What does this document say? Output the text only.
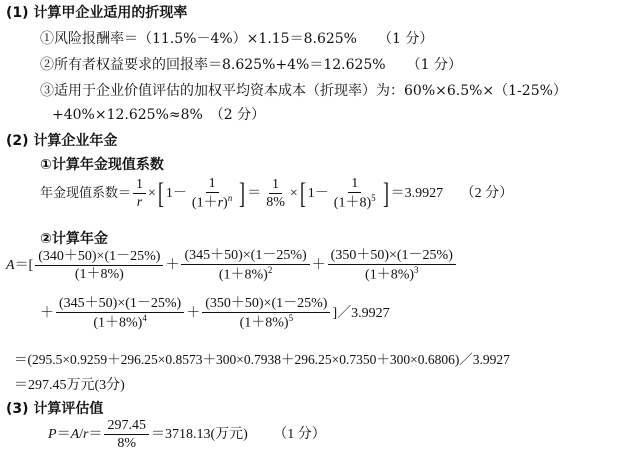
(1) 计算甲企业适用的折现率
①风险报酬率＝（11.5%－4%）×1.15＝8.625%　　（1 分）
②所有者权益要求的回报率＝8.625%+4%＝12.625%　　（1 分）
③适用于企业价值评估的加权平均资本成本（折现率）为：60%×6.5%×（1-25%）
+40%×12.625%≈8%　（2 分）
(2) 计算企业年金
①计算年金现值系数
年金现值系数＝ $\frac{1}{r}$ ×[ $1- \frac{1}{(1+r)^n}$ ] ＝ $\frac{1}{8\%}$ ×[ $1- \frac{1}{(1+8)^5}$ ] ＝3.9927 （2 分）
②计算年金
$A=[ \frac{(340+50)\times(1-25\%)}{(1+8\%)} + \frac{(345+50)\times(1-25\%)}{(1+8\%)^2} + \frac{(350+50)\times(1-25\%)}{(1+8\%)^3}$
＋ $\frac{(345+50)\times(1-25\%)}{(1+8\%)^4} + \frac{(350+50)\times(1-25\%)}{(1+8\%)^5}$ ]／3.9927
＝(295.5×0.9259＋296.25×0.8573＋300×0.7938＋296.25×0.7350＋300×0.6806)／3.9927
＝297.45万元(3分)
(3) 计算评估值
$P=A/r= \frac{297.45}{8\%} =3718.13$(万元) （1 分）
